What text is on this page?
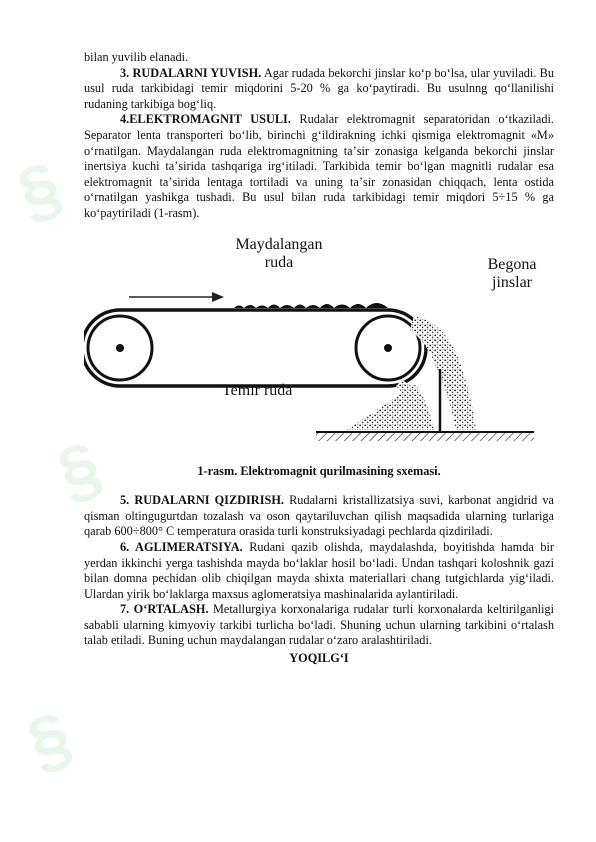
§
§
§

bilan yuvilib elanadi.

3. RUDALARNI YUVISH. Agar rudada bekorchi jinslar koʻp boʻlsa, ular yuviladi. Bu usul ruda tarkibidagi temir miqdorini 5-20 % ga koʻpaytiradi. Bu usulnng qoʻllanilishi rudaning tarkibiga bogʻliq.

4.ELEKTROMAGNIT USULI. Rudalar elektromagnit separatoridan oʻtkaziladi. Separator lenta transporteri boʻlib, birinchi gʻildirakning ichki qismiga elektromagnit «M» oʻrnatilgan. Maydalangan ruda elektromagnitning taʼsir zonasiga kelganda bekorchi jinslar inertsiya kuchi taʼsirida tashqariga irgʻitiladi. Tarkibida temir boʻlgan magnitli rudalar esa elektromagnit taʼsirida lentaga tortiladi va uning taʼsir zonasidan chiqqach, lenta ostida oʻrnatilgan yashikga tushadi. Bu usul bilan ruda tarkibidagi temir miqdori 5÷15 % ga koʻpaytiriladi (1-rasm).

Maydalangan
ruda	Begona
jinslar
Temir ruda

1-rasm. Elektromagnit qurilmasining sxemasi.

5. RUDALARNI QIZDIRISH. Rudalarni kristallizatsiya suvi, karbonat angidrid va qisman oltingugurtdan tozalash va oson qaytariluvchan qilish maqsadida ularning turlariga qarab 600÷800° C temperatura orasida turli konstruksiyadagi pechlarda qizdiriladi.

6. AGLIMERATSIYA. Rudani qazib olishda, maydalashda, boyitishda hamda bir yerdan ikkinchi yerga tashishda mayda boʻlaklar hosil boʻladi. Undan tashqari koloshnik gazi bilan domna pechidan olib chiqilgan mayda shixta materiallari chang tutgichlarda yigʻiladi. Ulardan yirik boʻlaklarga maxsus aglomeratsiya mashinalarida aylantiriladi.

7. OʻRTALASH. Metallurgiya korxonalariga rudalar turli korxonalarda keltirilganligi sababli ularning kimyoviy tarkibi turlicha boʻladi. Shuning uchun ularning tarkibini oʻrtalash talab etiladi. Buning uchun maydalangan rudalar oʻzaro aralashtiriladi.

YOQILGʻI
